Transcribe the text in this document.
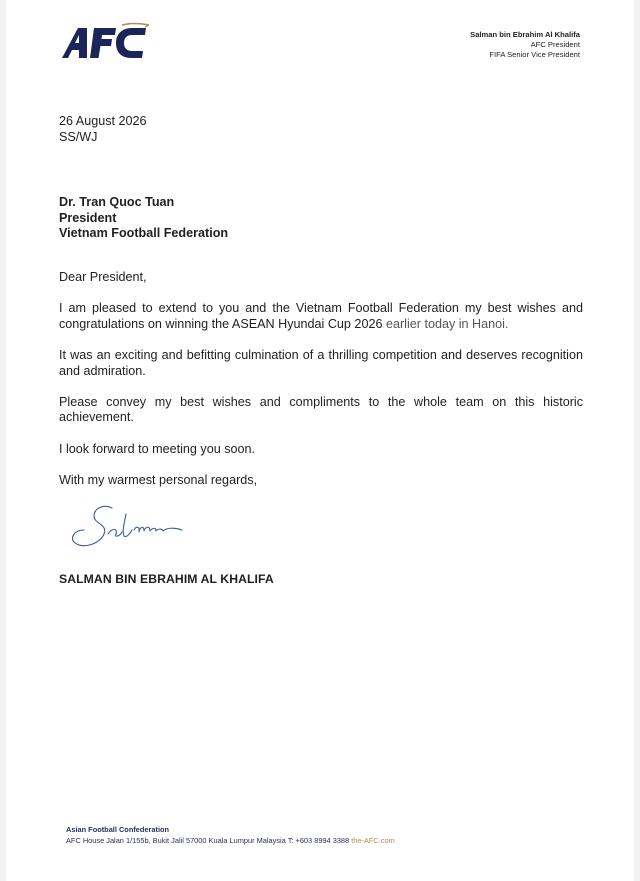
Salman bin Ebrahim Al Khalifa
AFC President
FIFA Senior Vice President
26 August 2026
SS/WJ
Dr. Tran Quoc Tuan
President
Vietnam Football Federation

Dear President,

I am pleased to extend to you and the Vietnam Football Federation my best wishes and congratulations on winning the ASEAN Hyundai Cup 2026 earlier today in Hanoi.

It was an exciting and befitting culmination of a thrilling competition and deserves recognition and admiration.

Please convey my best wishes and compliments to the whole team on this historic achievement.

I look forward to meeting you soon.

With my warmest personal regards,

SALMAN BIN EBRAHIM AL KHALIFA
Asian Football Confederation
AFC House Jalan 1/155b, Bukit Jalil 57000 Kuala Lumpur Malaysia T: +603 8994 3388 the-AFC.com
